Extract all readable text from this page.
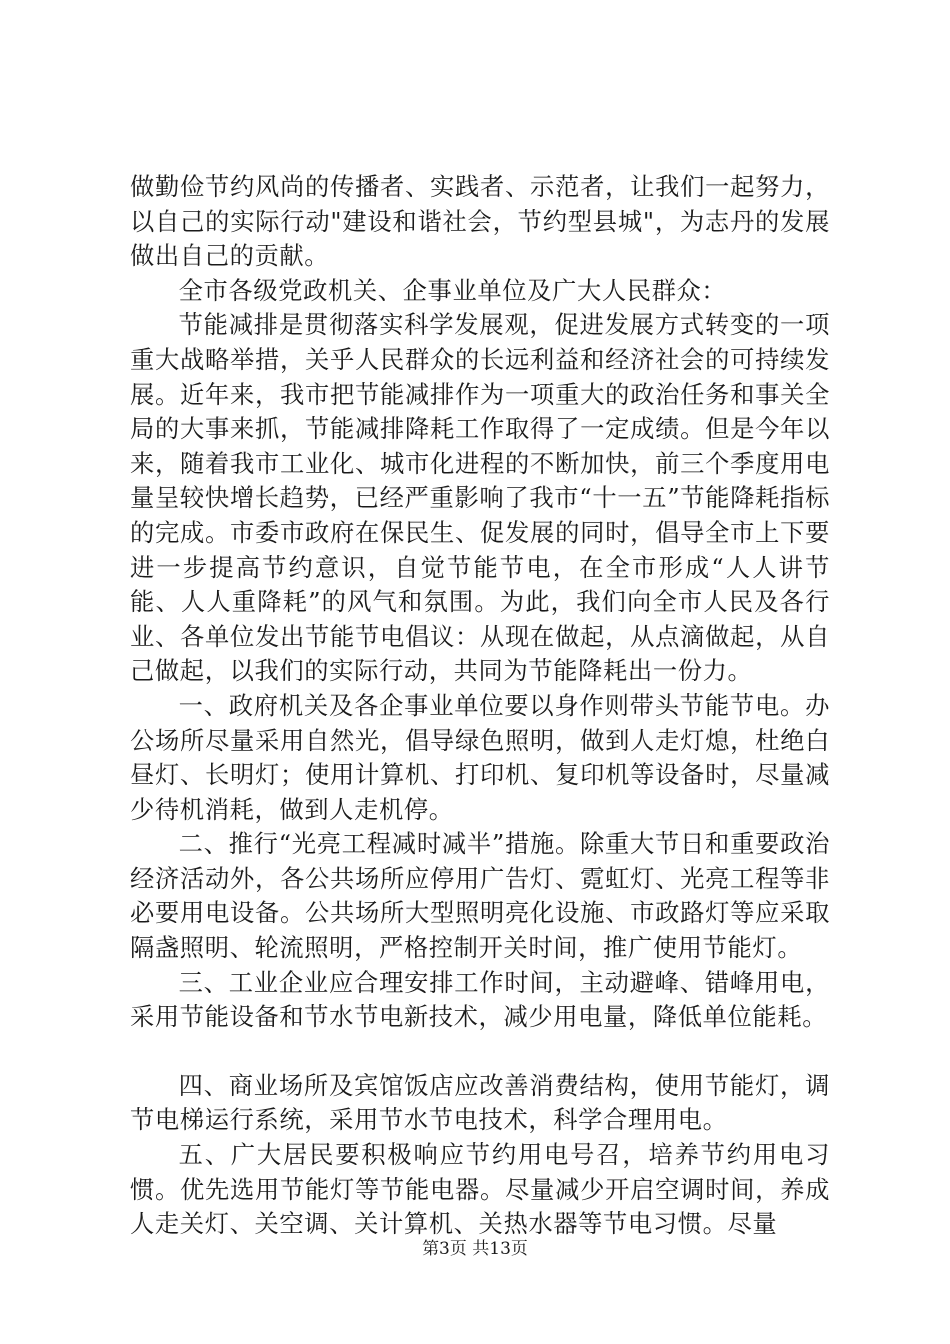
做勤俭节约风尚的传播者、实践者、示范者，让我们一起努力，以自己的实际行动"建设和谐社会，节约型县城"，为志丹的发展做出自己的贡献。

全市各级党政机关、企事业单位及广大人民群众：

节能减排是贯彻落实科学发展观，促进发展方式转变的一项重大战略举措，关乎人民群众的长远利益和经济社会的可持续发展。近年来，我市把节能减排作为一项重大的政治任务和事关全局的大事来抓，节能减排降耗工作取得了一定成绩。但是今年以来，随着我市工业化、城市化进程的不断加快，前三个季度用电量呈较快增长趋势，已经严重影响了我市“十一五”节能降耗指标的完成。市委市政府在保民生、促发展的同时，倡导全市上下要进一步提高节约意识，自觉节能节电，在全市形成“人人讲节能、人人重降耗”的风气和氛围。为此，我们向全市人民及各行业、各单位发出节能节电倡议：从现在做起，从点滴做起，从自己做起，以我们的实际行动，共同为节能降耗出一份力。

一、政府机关及各企事业单位要以身作则带头节能节电。办公场所尽量采用自然光，倡导绿色照明，做到人走灯熄，杜绝白昼灯、长明灯；使用计算机、打印机、复印机等设备时，尽量减少待机消耗，做到人走机停。

二、推行“光亮工程减时减半”措施。除重大节日和重要政治经济活动外，各公共场所应停用广告灯、霓虹灯、光亮工程等非必要用电设备。公共场所大型照明亮化设施、市政路灯等应采取隔盏照明、轮流照明，严格控制开关时间，推广使用节能灯。

三、工业企业应合理安排工作时间，主动避峰、错峰用电，采用节能设备和节水节电新技术，减少用电量，降低单位能耗。

四、商业场所及宾馆饭店应改善消费结构，使用节能灯，调节电梯运行系统，采用节水节电技术，科学合理用电。

五、广大居民要积极响应节约用电号召，培养节约用电习惯。优先选用节能灯等节能电器。尽量减少开启空调时间，养成人走关灯、关空调、关计算机、关热水器等节电习惯。尽量

第3页 共13页
